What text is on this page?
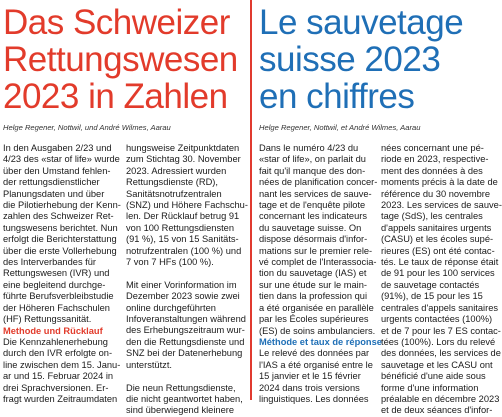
Das Schweizer
Rettungswesen
2023 in Zahlen
Helge Regener, Nottwil, und André Wilmes, Aarau
In den Ausgaben 2/23 und
4/23 des «star of life» wurde
über den Umstand fehlen-
der rettungsdienstlicher
Planungsdaten und über
die Pilotierhebung der Kenn-
zahlen des Schweizer Ret-
tungswesens berichtet. Nun
erfolgt die Berichterstattung
über die erste Vollerhebung
des Interverbandes für
Rettungswesen (IVR) und
eine begleitend durchge-
führte Berufsverbleibstudie
der Höheren Fachschulen
(HF) Rettungssanität.
Methode und Rücklauf
Die Kennzahlenerhebung
durch den IVR erfolgte on-
line zwischen dem 15. Janu-
ar und 15. Februar 2024 in
drei Sprachversionen. Er-
fragt wurden Zeitraumdaten
hungsweise Zeitpunktdaten
zum Stichtag 30. November
2023. Adressiert wurden
Rettungsdienste (RD),
Sanitätsnotrufzentralen
(SNZ) und Höhere Fachschu-
len. Der Rücklauf betrug 91
von 100 Rettungsdiensten
(91 %), 15 von 15 Sanitäts-
notrufzentralen (100 %) und
7 von 7 HFs (100 %).
Mit einer Vorinformation im
Dezember 2023 sowie zwei
online durchgeführten
Infoveranstaltungen während
des Erhebungszeitraum wur-
den die Rettungsdienste und
SNZ bei der Datenerhebung
unterstützt.
Die neun Rettungsdienste,
die nicht geantwortet haben,
sind überwiegend kleinere
Le sauvetage
suisse 2023
en chiffres
Helge Regener, Nottwil, et André Wilmes, Aarau
Dans le numéro 4/23 du
«star of life», on parlait du
fait qu'il manque des don-
nées de planification concer-
nant les services de sauve-
tage et de l'enquête pilote
concernant les indicateurs
du sauvetage suisse. On
dispose désormais d'infor-
mations sur le premier rele-
vé complet de l'Interassocia-
tion du sauvetage (IAS) et
sur une étude sur le main-
tien dans la profession qui
a été organisée en parallèle
par les Écoles supérieures
(ES) de soins ambulanciers.
Méthode et taux de réponse
Le relevé des données par
l'IAS a été organisé entre le
15 janvier et le 15 février
2024 dans trois versions
linguistiques. Les données
nées concernant une pé-
riode en 2023, respective-
ment des données à des
moments précis à la date de
référence du 30 novembre
2023. Les services de sauve-
tage (SdS), les centrales
d'appels sanitaires urgents
(CASU) et les écoles supé-
rieures (ES) ont été contac-
tés. Le taux de réponse était
de 91 pour les 100 services
de sauvetage contactés
(91%), de 15 pour les 15
centrales d'appels sanitaires
urgents contactées (100%)
et de 7 pour les 7 ES contac-
tées (100%). Lors du relevé
des données, les services de
sauvetage et les CASU ont
bénéficié d'une aide sous
forme d'une information
préalable en décembre 2023
et de deux séances d'infor-
